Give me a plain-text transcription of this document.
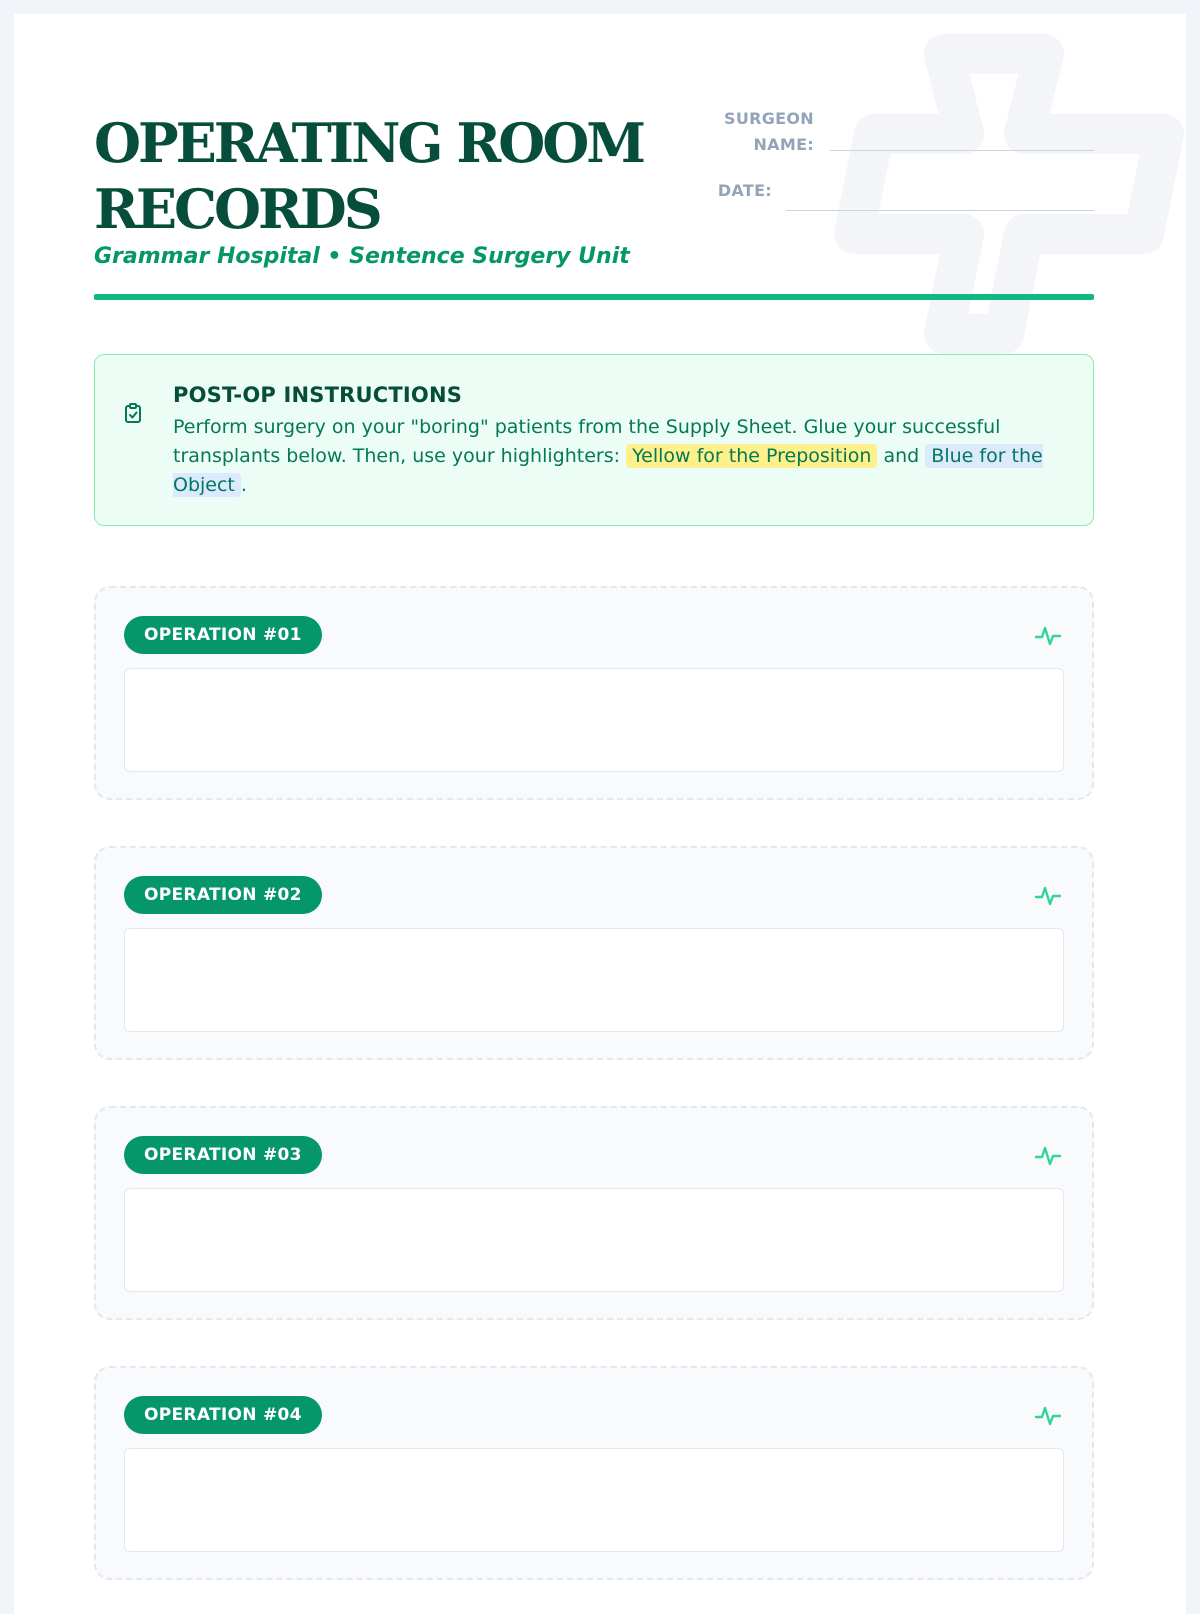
OPERATING ROOM
RECORDS
Grammar Hospital • Sentence Surgery Unit
SURGEON
NAME:
DATE:
POST-OP INSTRUCTIONS
Perform surgery on your "boring" patients from the Supply Sheet. Glue your successful transplants below. Then, use your highlighters: Yellow for the Preposition and Blue for the Object .
OPERATION #01
OPERATION #02
OPERATION #03
OPERATION #04
